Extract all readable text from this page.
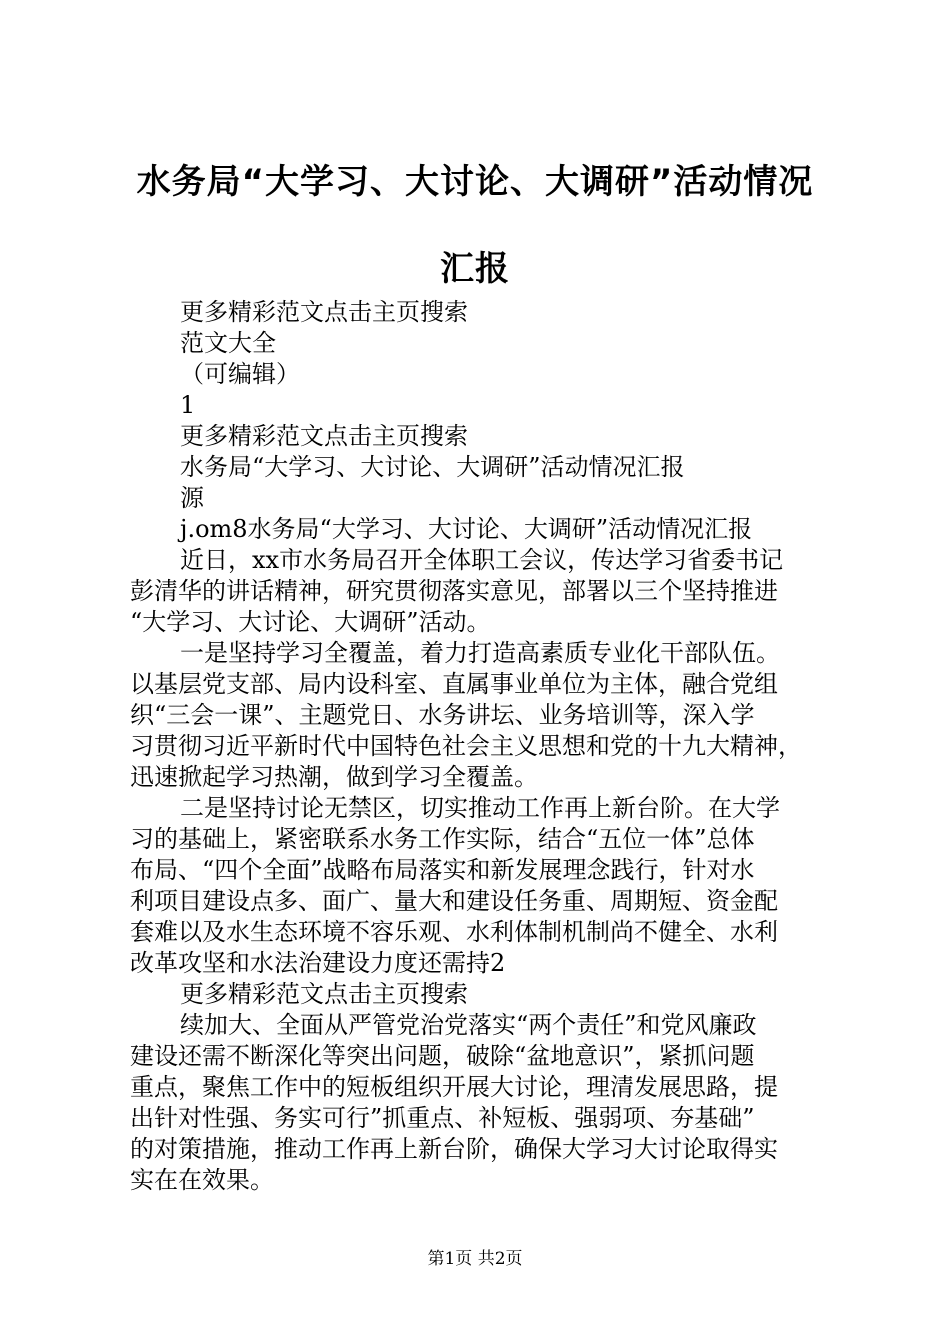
水务局“大学习、大讨论、大调研”活动情况
汇报
更多精彩范文点击主页搜索
范文大全
（可编辑）
1
更多精彩范文点击主页搜索
水务局“大学习、大讨论、大调研”活动情况汇报
源
j.om8水务局“大学习、大讨论、大调研”活动情况汇报
近日，xx市水务局召开全体职工会议，传达学习省委书记
彭清华的讲话精神，研究贯彻落实意见，部署以三个坚持推进
“大学习、大讨论、大调研”活动。
一是坚持学习全覆盖，着力打造高素质专业化干部队伍。
以基层党支部、局内设科室、直属事业单位为主体，融合党组
织“三会一课”、主题党日、水务讲坛、业务培训等，深入学
习贯彻习近平新时代中国特色社会主义思想和党的十九大精神，
迅速掀起学习热潮，做到学习全覆盖。
二是坚持讨论无禁区，切实推动工作再上新台阶。在大学
习的基础上，紧密联系水务工作实际，结合“五位一体”总体
布局、“四个全面”战略布局落实和新发展理念践行，针对水
利项目建设点多、面广、量大和建设任务重、周期短、资金配
套难以及水生态环境不容乐观、水利体制机制尚不健全、水利
改革攻坚和水法治建设力度还需持2
更多精彩范文点击主页搜索
续加大、全面从严管党治党落实“两个责任”和党风廉政
建设还需不断深化等突出问题，破除“盆地意识”，紧抓问题
重点，聚焦工作中的短板组织开展大讨论，理清发展思路，提
出针对性强、务实可行”抓重点、补短板、强弱项、夯基础”
的对策措施，推动工作再上新台阶，确保大学习大讨论取得实
实在在效果。
第1页 共2页
